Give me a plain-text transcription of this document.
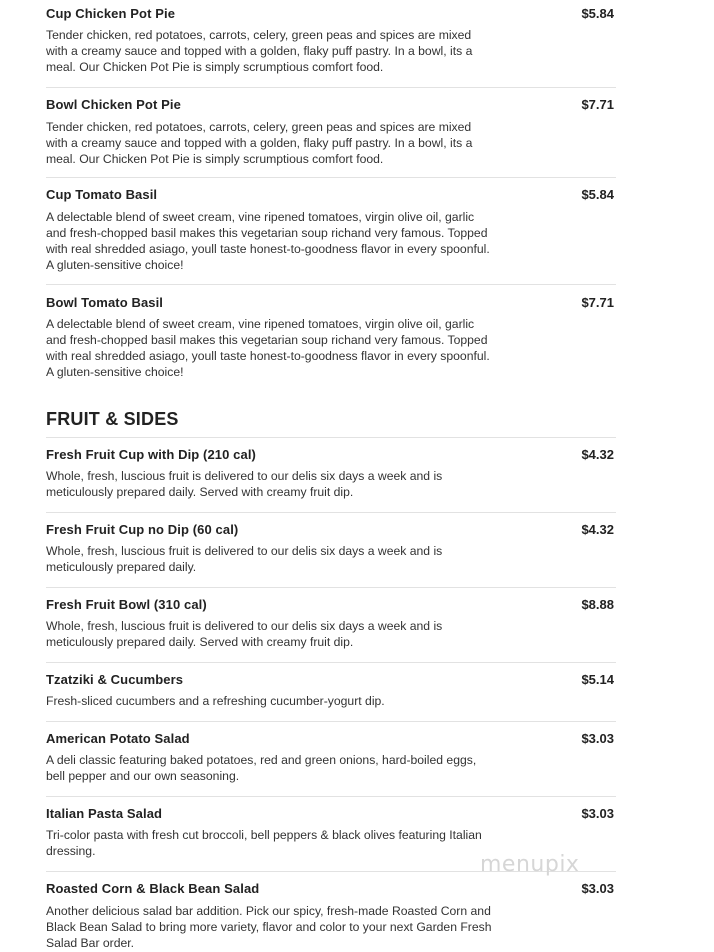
Cup Chicken Pot Pie	$5.84
Tender chicken, red potatoes, carrots, celery, green peas and spices are mixed with a creamy sauce and topped with a golden, flaky puff pastry. In a bowl, its a meal. Our Chicken Pot Pie is simply scrumptious comfort food.
Bowl Chicken Pot Pie	$7.71
Tender chicken, red potatoes, carrots, celery, green peas and spices are mixed with a creamy sauce and topped with a golden, flaky puff pastry. In a bowl, its a meal. Our Chicken Pot Pie is simply scrumptious comfort food.
Cup Tomato Basil	$5.84
A delectable blend of sweet cream, vine ripened tomatoes, virgin olive oil, garlic and fresh-chopped basil makes this vegetarian soup richand very famous. Topped with real shredded asiago, youll taste honest-to-goodness flavor in every spoonful. A gluten-sensitive choice!
Bowl Tomato Basil	$7.71
A delectable blend of sweet cream, vine ripened tomatoes, virgin olive oil, garlic and fresh-chopped basil makes this vegetarian soup richand very famous. Topped with real shredded asiago, youll taste honest-to-goodness flavor in every spoonful. A gluten-sensitive choice!
FRUIT & SIDES
Fresh Fruit Cup with Dip (210 cal)	$4.32
Whole, fresh, luscious fruit is delivered to our delis six days a week and is meticulously prepared daily. Served with creamy fruit dip.
Fresh Fruit Cup no Dip (60 cal)	$4.32
Whole, fresh, luscious fruit is delivered to our delis six days a week and is meticulously prepared daily.
Fresh Fruit Bowl (310 cal)	$8.88
Whole, fresh, luscious fruit is delivered to our delis six days a week and is meticulously prepared daily. Served with creamy fruit dip.
Tzatziki & Cucumbers	$5.14
Fresh-sliced cucumbers and a refreshing cucumber-yogurt dip.
American Potato Salad	$3.03
A deli classic featuring baked potatoes, red and green onions, hard-boiled eggs, bell pepper and our own seasoning.
Italian Pasta Salad	$3.03
Tri-color pasta with fresh cut broccoli, bell peppers & black olives featuring Italian dressing.
Roasted Corn & Black Bean Salad	$3.03
Another delicious salad bar addition. Pick our spicy, fresh-made Roasted Corn and Black Bean Salad to bring more variety, flavor and color to your next Garden Fresh Salad Bar order.
menupix
